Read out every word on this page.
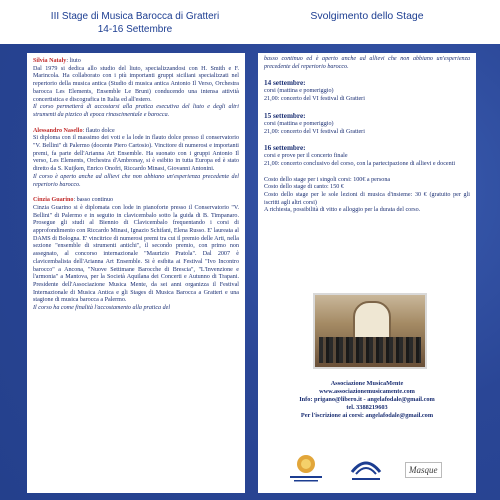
III Stage di Musica Barocca di Gratteri
14-16 Settembre
Svolgimento dello Stage

Silvia Nataly: liuto
Dal 1979 si dedica allo studio del liuto, specializzandosi con H. Smith e F. Marincola. Ha collaborato con i più importanti gruppi siciliani specializzati nel repertorio della musica antica (Studio di musica antica Antonio Il Verso, Orchestra barocca Les Elements, Ensemble Le Bruni) conducendo una intensa attività concertistica e discografica in Italia ed all'estero.

Il corso permetterà di accostarsi alla pratica esecutiva del liuto e degli altri strumenti da pizzico di epoca rinascimentale e barocca.

Alessandro Nasello: flauto dolce
Si diploma con il massimo dei voti e la lode in flauto dolce presso il conservatorio "V. Bellini" di Palermo (docente Piero Cartosio). Vincitore di numerosi e importanti premi, fa parte dell'Arianna Art Ensemble. Ha suonato con i gruppi Antonio Il verso, Les Elements, Orchestra d'Ambronay, si è esibito in tutta Europa ed è stato diretto da S. Kuijken, Enrico Onofri, Riccardo Minasi, Giovanni Antonini.

Il corso è aperto anche ad allievi che non abbiano un'esperienza precedente del repertorio barocco.

Cinzia Guarino: basso continuo
Cinzia Guarino si è diplomata con lode in pianoforte presso il Conservatorio "V. Bellini" di Palermo e in seguito in clavicembalo sotto la guida di B. Timpanaro. Prosegue gli studi al Biennio di Clavicembalo frequentando i corsi di approfondimento con Riccardo Minasi, Ignazio Schifani, Elena Russo. E' laureata al DAMS di Bologna. E' vincitrice di numerosi premi tra cui il premio delle Arti, nella sezione "ensemble di strumenti antichi", il secondo premio, con primo non assegnato, al concorso internazionale "Maurizio Pratola". Dal 2007 è clavicembalista dell'Arianna Art Ensemble. Si è esibita ai Festival "Ivo Incontro barocco" a Ancona, "Nuove Settimane Barocche di Brescia", "L'Invenzione e l'armonia" a Mantova, per la Società Aquilana dei Concerti e Autunno di Trapani. Presidente dell'Associazione Musica Mente, da sei anni organizza il Festival Internazionale di Musica Antica e gli Stages di Musica Barocca a Gratteri e una stagione di musica barocca a Palermo.

Il corso ha come finalità l'accostamento alla pratica del

basso continuo ed è aperto anche ad allievi che non abbiano un'esperienza precedente del repertorio barocco.

14 settembre:

corsi (mattina e pomeriggio)

21,00: concerto del VI festival di Gratteri

15 settembre:

corsi (mattina e pomeriggio)

21,00: concerto del VI festival di Gratteri

16 settembre:

corsi e prove per il concerto finale

21,00: concerto conclusivo del corso, con la partecipazione di allievi e docenti

Costo dello stage per i singoli corsi: 100€ a persona

Costo dello stage di canto: 150 €

Costo dello stage per le sole lezioni di musica d'insieme: 30 € (gratuito per gli iscritti agli altri corsi)

A richiesta, possibilità di vitto e alloggio per la durata del corso.

Associazione MusicaMente
www.associazionemusicamente.com
Info: prigano@libero.it - angelafodale@gmail.com
tel. 3388219603
Per l'iscrizione ai corsi: angelafodale@gmail.com
Masque
